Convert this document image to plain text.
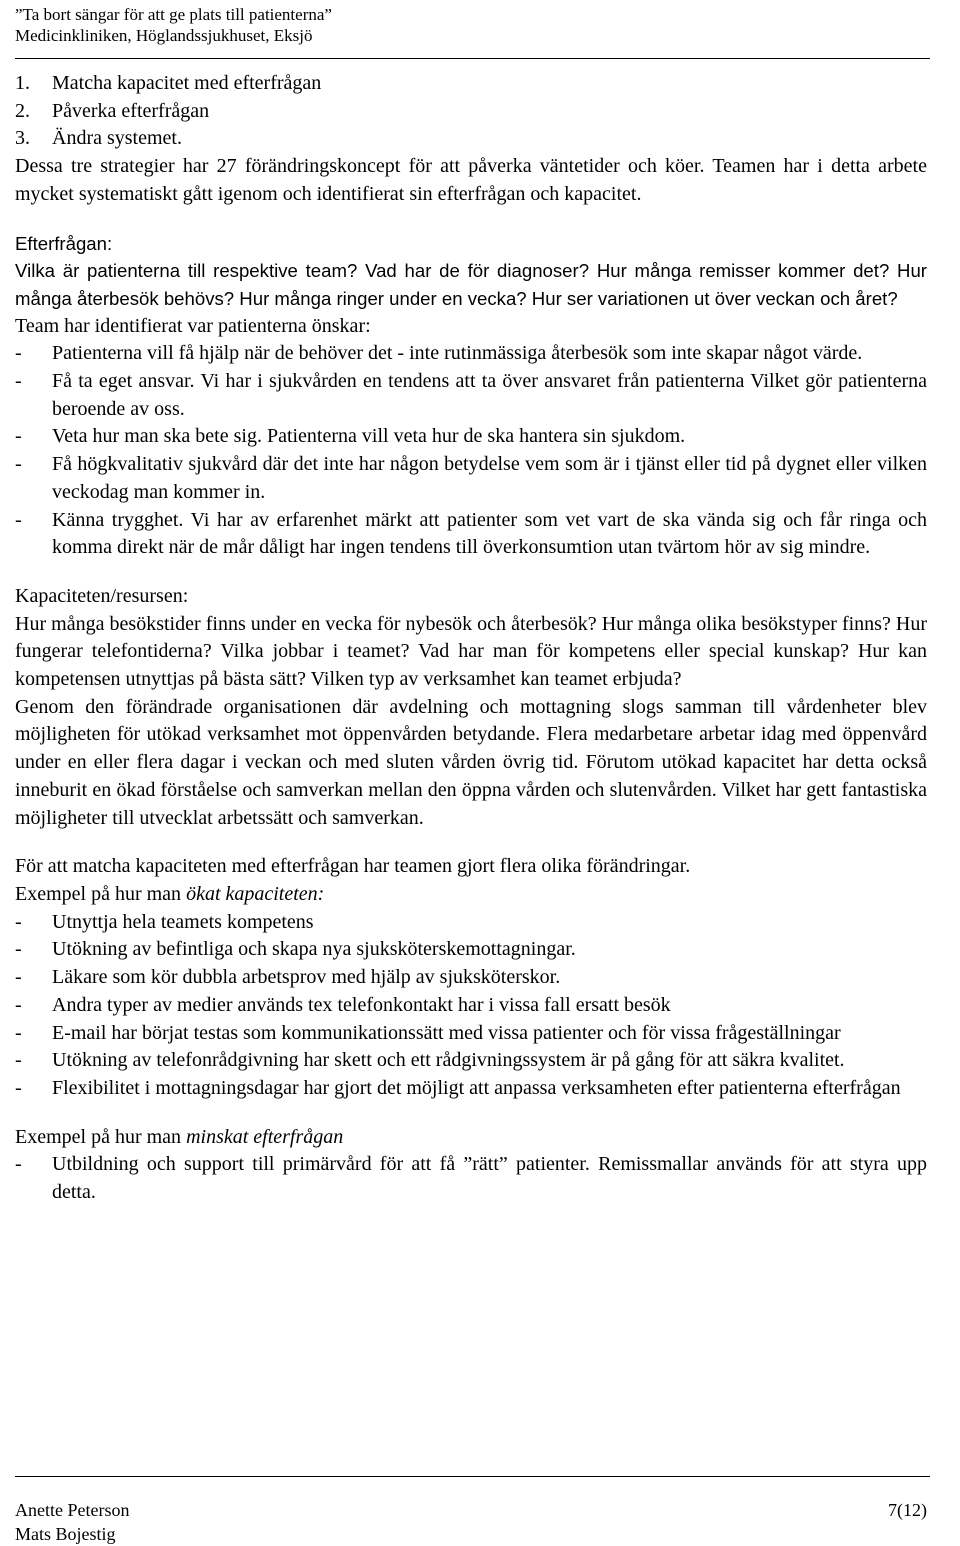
”Ta bort sängar för att ge plats till patienterna”
Medicinkliniken, Höglandssjukhuset, Eksjö
1.	Matcha kapacitet med efterfrågan
2.	Påverka efterfrågan
3.	Ändra systemet.

Dessa tre strategier har 27 förändringskoncept för att påverka väntetider och köer. Teamen har i detta arbete mycket systematiskt gått igenom och identifierat sin efterfrågan och kapacitet.

Efterfrågan:

Vilka är patienterna till respektive team? Vad har de för diagnoser? Hur många remisser kommer det? Hur många återbesök behövs? Hur många ringer under en vecka? Hur ser variationen ut över veckan och året?

Team har identifierat var patienterna önskar:

-	Patienterna vill få hjälp när de behöver det - inte rutinmässiga återbesök som inte skapar något värde.
-	Få ta eget ansvar. Vi har i sjukvården en tendens att ta över ansvaret från patienterna Vilket gör patienterna beroende av oss.
-	Veta hur man ska bete sig. Patienterna vill veta hur de ska hantera sin sjukdom.
-	Få högkvalitativ sjukvård där det inte har någon betydelse vem som är i tjänst eller tid på dygnet eller vilken veckodag man kommer in.
-	Känna trygghet. Vi har av erfarenhet märkt att patienter som vet vart de ska vända sig och får ringa och komma direkt när de mår dåligt har ingen tendens till överkonsumtion utan tvärtom hör av sig mindre.

Kapaciteten/resursen:

Hur många besökstider finns under en vecka för nybesök och återbesök? Hur många olika besökstyper finns? Hur fungerar telefontiderna? Vilka jobbar i teamet? Vad har man för kompetens eller special kunskap? Hur kan kompetensen utnyttjas på bästa sätt? Vilken typ av verksamhet kan teamet erbjuda?

Genom den förändrade organisationen där avdelning och mottagning slogs samman till vårdenheter blev möjligheten för utökad verksamhet mot öppenvården betydande. Flera medarbetare arbetar idag med öppenvård under en eller flera dagar i veckan och med sluten vården övrig tid. Förutom utökad kapacitet har detta också inneburit en ökad förståelse och samverkan mellan den öppna vården och slutenvården. Vilket har gett fantastiska möjligheter till utvecklat arbetssätt och samverkan.

För att matcha kapaciteten med efterfrågan har teamen gjort flera olika förändringar.

Exempel på hur man ökat kapaciteten:

-	Utnyttja hela teamets kompetens
-	Utökning av befintliga och skapa nya sjuksköterskemottagningar.
-	Läkare som kör dubbla arbetsprov med hjälp av sjuksköterskor.
-	Andra typer av medier används tex telefonkontakt har i vissa fall ersatt besök
-	E-mail har börjat testas som kommunikationssätt med vissa patienter och för vissa frågeställningar
-	Utökning av telefonrådgivning har skett och ett rådgivningssystem är på gång för att säkra kvalitet.
-	Flexibilitet i mottagningsdagar har gjort det möjligt att anpassa verksamheten efter patienterna efterfrågan

Exempel på hur man minskat efterfrågan

-	Utbildning och support till primärvård för att få ”rätt” patienter. Remissmallar används för att styra upp detta.
Anette Peterson
Mats Bojestig
7(12)
